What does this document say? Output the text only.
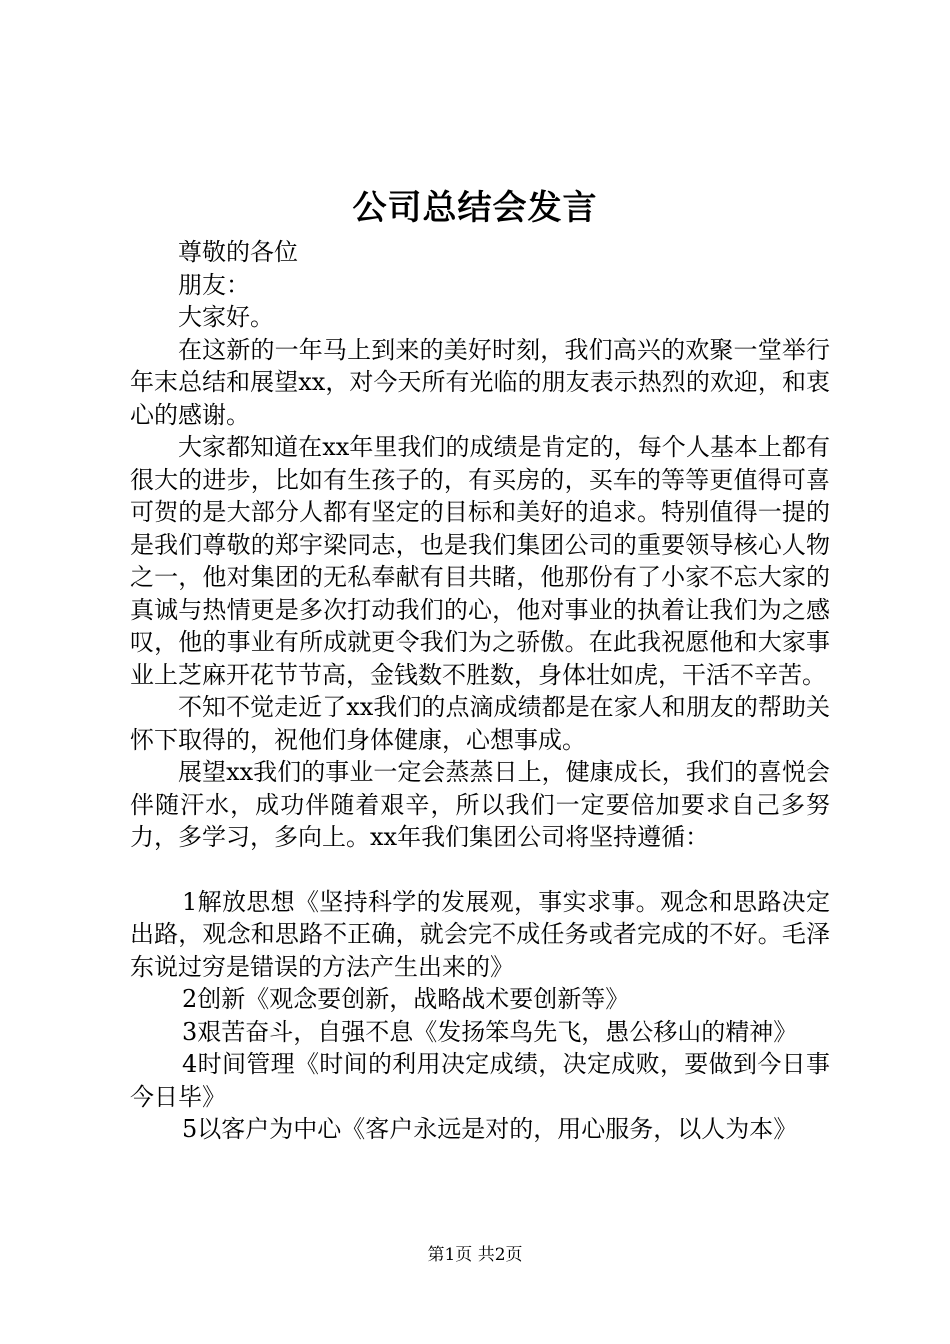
公司总结会发言

尊敬的各位

朋友：

大家好。

在这新的一年马上到来的美好时刻，我们高兴的欢聚一堂举行年末总结和展望xx，对今天所有光临的朋友表示热烈的欢迎，和衷心的感谢。

大家都知道在xx年里我们的成绩是肯定的，每个人基本上都有很大的进步，比如有生孩子的，有买房的，买车的等等更值得可喜可贺的是大部分人都有坚定的目标和美好的追求。特别值得一提的是我们尊敬的郑宇梁同志，也是我们集团公司的重要领导核心人物之一，他对集团的无私奉献有目共睹，他那份有了小家不忘大家的真诚与热情更是多次打动我们的心，他对事业的执着让我们为之感叹，他的事业有所成就更令我们为之骄傲。在此我祝愿他和大家事业上芝麻开花节节高，金钱数不胜数，身体壮如虎，干活不辛苦。

不知不觉走近了xx我们的点滴成绩都是在家人和朋友的帮助关怀下取得的，祝他们身体健康，心想事成。

展望xx我们的事业一定会蒸蒸日上，健康成长，我们的喜悦会伴随汗水，成功伴随着艰辛，所以我们一定要倍加要求自己多努力，多学习，多向上。xx年我们集团公司将坚持遵循：

1解放思想《坚持科学的发展观，事实求事。观念和思路决定出路，观念和思路不正确，就会完不成任务或者完成的不好。毛泽东说过穷是错误的方法产生出来的》

2创新《观念要创新，战略战术要创新等》

3艰苦奋斗，自强不息《发扬笨鸟先飞，愚公移山的精神》

4时间管理《时间的利用决定成绩，决定成败，要做到今日事今日毕》

5以客户为中心《客户永远是对的，用心服务，以人为本》

第1页 共2页
